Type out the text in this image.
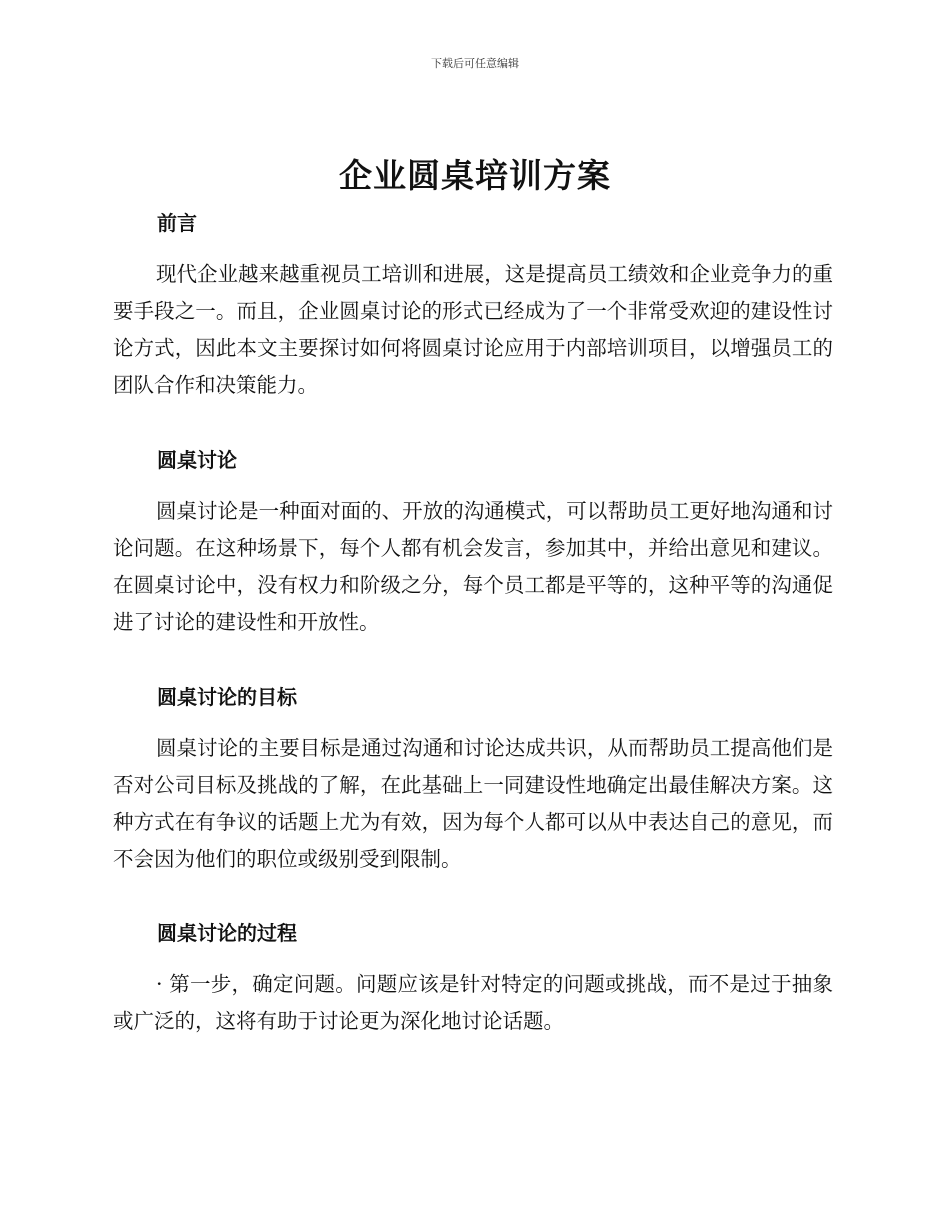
下载后可任意编辑
企业圆桌培训方案
前言

现代企业越来越重视员工培训和进展，这是提高员工绩效和企业竞争力的重要手段之一。而且，企业圆桌讨论的形式已经成为了一个非常受欢迎的建设性讨论方式，因此本文主要探讨如何将圆桌讨论应用于内部培训项目，以增强员工的团队合作和决策能力。

圆桌讨论

圆桌讨论是一种面对面的、开放的沟通模式，可以帮助员工更好地沟通和讨论问题。在这种场景下，每个人都有机会发言，参加其中，并给出意见和建议。在圆桌讨论中，没有权力和阶级之分，每个员工都是平等的，这种平等的沟通促进了讨论的建设性和开放性。

圆桌讨论的目标

圆桌讨论的主要目标是通过沟通和讨论达成共识，从而帮助员工提高他们是否对公司目标及挑战的了解，在此基础上一同建设性地确定出最佳解决方案。这种方式在有争议的话题上尤为有效，因为每个人都可以从中表达自己的意见，而不会因为他们的职位或级别受到限制。

圆桌讨论的过程

· 第一步，确定问题。问题应该是针对特定的问题或挑战，而不是过于抽象或广泛的，这将有助于讨论更为深化地讨论话题。
